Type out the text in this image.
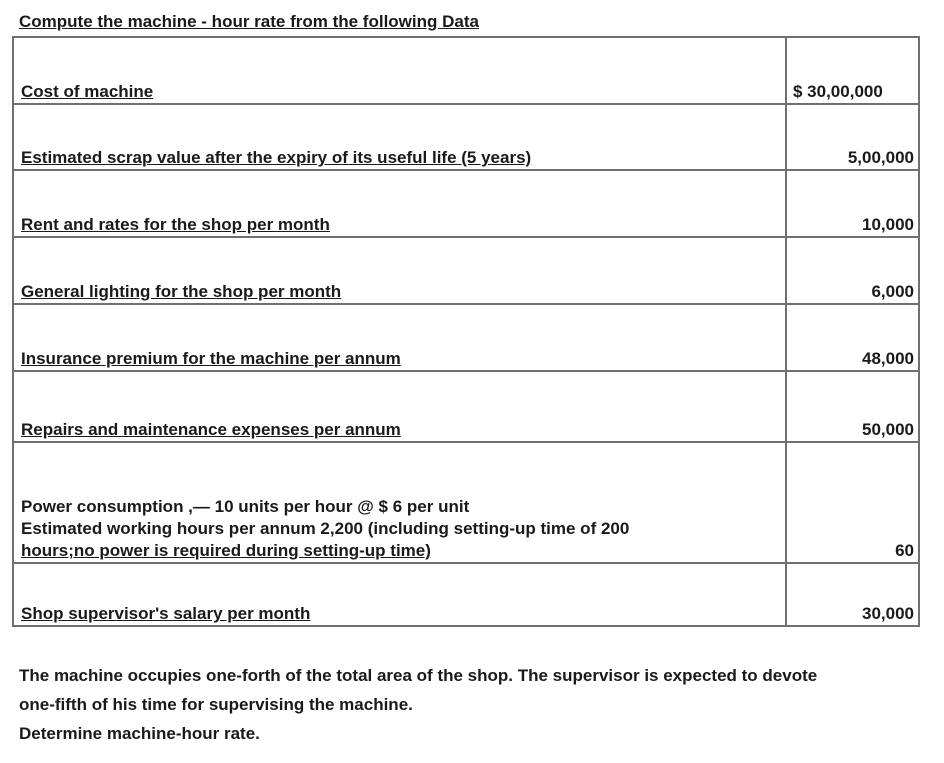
Compute the machine - hour rate from the following Data
Cost of machine	$ 30,00,000
Estimated scrap value after the expiry of its useful life (5 years)	5,00,000
Rent and rates for the shop per month	10,000
General lighting for the shop per month	6,000
Insurance premium for the machine per annum	48,000
Repairs and maintenance expenses per annum	50,000

Power consumption ,— 10 units per hour @ $ 6 per unit
Estimated working hours per annum 2,200 (including setting-up time of 200
hours;no power is required during setting-up time)	60
Shop supervisor's salary per month	30,000

The machine occupies one-forth of the total area of the shop. The supervisor is expected to devote

one-fifth of his time for supervising the machine.

Determine machine-hour rate.
